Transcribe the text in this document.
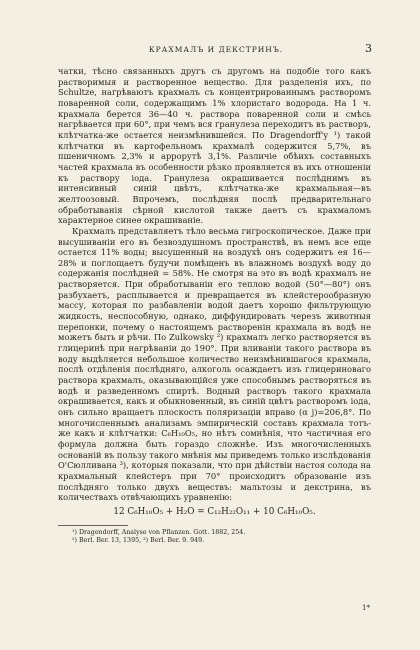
КРАХМАЛЪ И ДЕКСТРИНЪ.	3

чатки, тѣсно связанныхъ другъ съ другомъ на подобіе того какъ растворимыя и растворенное вещество. Для разделенія ихъ, по Schultze, нагрѣваютъ крахмалъ съ концентрированнымъ растворомъ поваренной соли, содержащимъ 1% хлористаго водорода. На 1 ч. крахмала берется 36—40 ч. раствора поваренной соли и смѣсь нагрѣвается при 60°, при чемъ вся гранулеза переходитъ въ растворъ, клѣтчатка-же остается неизмѣнившейся. По Dragendorff'у ¹) такой клѣтчатки въ картофельномъ крахмалѣ содержится 5,7%, въ пшеничномъ 2,3% и аррорутѣ 3,1%. Различіе обѣихъ составныхъ частей крахмала въ особенности рѣзко проявляется въ ихъ отношеніи къ раствору іода. Гранулеза окрашивается послѣднимъ въ интенсивный синій цвѣтъ, клѣтчатка-же крахмальная—въ желтоозовый. Впрочемъ, послѣдняя послѣ предварительнаго обработыванія сѣрной кислотой также даетъ съ крахмаломъ характерное синее окрашиваніе.

Крахмалъ представляетъ тѣло весьма гигроскопическое. Даже при высушиваніи его въ безвоздушномъ пространствѣ, въ немъ все еще остается 11% воды; высушенный на воздухѣ онъ содержитъ ея 16—28% и поглощаетъ будучи помѣщенъ въ влажномъ воздухѣ воду до содержанія послѣдней = 58%. Не смотря на это въ водѣ крахмалъ не растворяется. При обработываніи его теплою водой (50°—80°) онъ разбухаетъ, расплывается и превращается въ клейстерообразную массу, которая по разбавленіи водой даетъ хорошо фильтрующую жидкость, неспособную, однако, диффундировать черезъ животныя перепонки, почему о настоящемъ растворенін крахмала въ водѣ не можетъ быть и рѣчи. По Zulkowsky ²) крахмалъ легко растворяется въ глицеринѣ при нагрѣваніи до 190°. При вливаніи такого раствора въ воду выдѣляется небольшое количество неизмѣнившагося крахмала, послѣ отдѣленія послѣдняго, алкоголь осаждаетъ изъ глицериноваго раствора крахмалъ, оказывающійся уже способнымъ растворяться въ водѣ и разведенномъ спиртѣ. Водный растворъ такого крахмала окрашивается, какъ и обыкновенный, въ синій цвѣтъ растворомъ іода, онъ сильно вращаетъ плоскость поляризаціи вправо (α j)=206,8°. По многочисленнымъ анализамъ эмпирическій составъ крахмала тотъ-же какъ и клѣтчатки: C₆H₁₀O₅, но нѣтъ сомнѣнія, что частичная его формула должна быть гораздо сложнѣе. Изъ многочисленныхъ основаній въ пользу такого мнѣнія мы приведемъ только изслѣдованія О'Сюлливана ³), которыя показали, что при дѣйствіи настоя солода на крахмальный клейстеръ при 70° происходитъ образованіе изъ послѣдняго только двухъ веществъ: мальтозы и декстрина, въ количествахъ отвѣчающихъ уравненію:

12 C₆H₁₀O₅ + H₂O = C₁₂H₂₂O₁₁ + 10 C₆H₁₀O₅.

¹) Dragendorff, Analyse von Pflanzen. Gott. 1882, 254.

²) Berl. Ber. 13, 1395, ³) Berl. Ber. 9. 949.

1*
